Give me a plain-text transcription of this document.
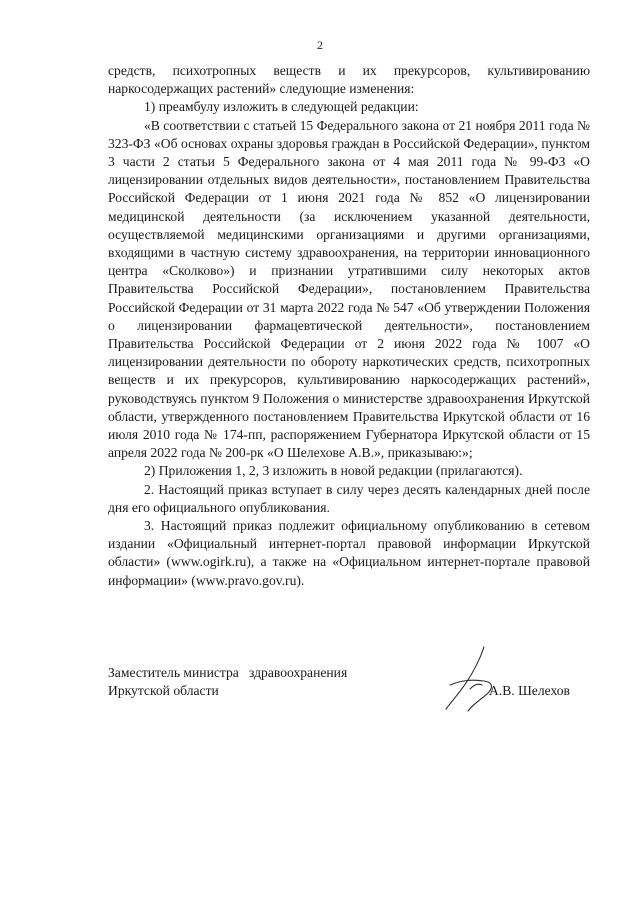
2

средств, психотропных веществ и их прекурсоров, культивированию наркосодержащих растений» следующие изменения:

1) преамбулу изложить в следующей редакции:

«В соответствии с статьей 15 Федерального закона от 21 ноября 2011 года № 323-ФЗ «Об основах охраны здоровья граждан в Российской Федерации», пунктом 3 части 2 статьи 5 Федерального закона от 4 мая 2011 года № 99-ФЗ «О лицензировании отдельных видов деятельности», постановлением Правительства Российской Федерации от 1 июня 2021 года № 852 «О лицензировании медицинской деятельности (за исключением указанной деятельности, осуществляемой медицинскими организациями и другими организациями, входящими в частную систему здравоохранения, на территории инновационного центра «Сколково») и признании утратившими силу некоторых актов Правительства Российской Федерации», постановлением Правительства Российской Федерации от 31 марта 2022 года № 547 «Об утверждении Положения о лицензировании фармацевтической деятельности», постановлением Правительства Российской Федерации от 2 июня 2022 года № 1007 «О лицензировании деятельности по обороту наркотических средств, психотропных веществ и их прекурсоров, культивированию наркосодержащих растений», руководствуясь пунктом 9 Положения о министерстве здравоохранения Иркутской области, утвержденного постановлением Правительства Иркутской области от 16 июля 2010 года № 174-пп, распоряжением Губернатора Иркутской области от 15 апреля 2022 года № 200-рк «О Шелехове А.В.», приказываю:»;

2) Приложения 1, 2, 3 изложить в новой редакции (прилагаются).

2. Настоящий приказ вступает в силу через десять календарных дней после дня его официального опубликования.

3. Настоящий приказ подлежит официальному опубликованию в сетевом издании «Официальный интернет-портал правовой информации Иркутской области» (www.ogirk.ru), а также на «Официальном интернет-портале правовой информации» (www.pravo.gov.ru).

Заместитель министра   здравоохранения
Иркутской области	А.В. Шелехов
